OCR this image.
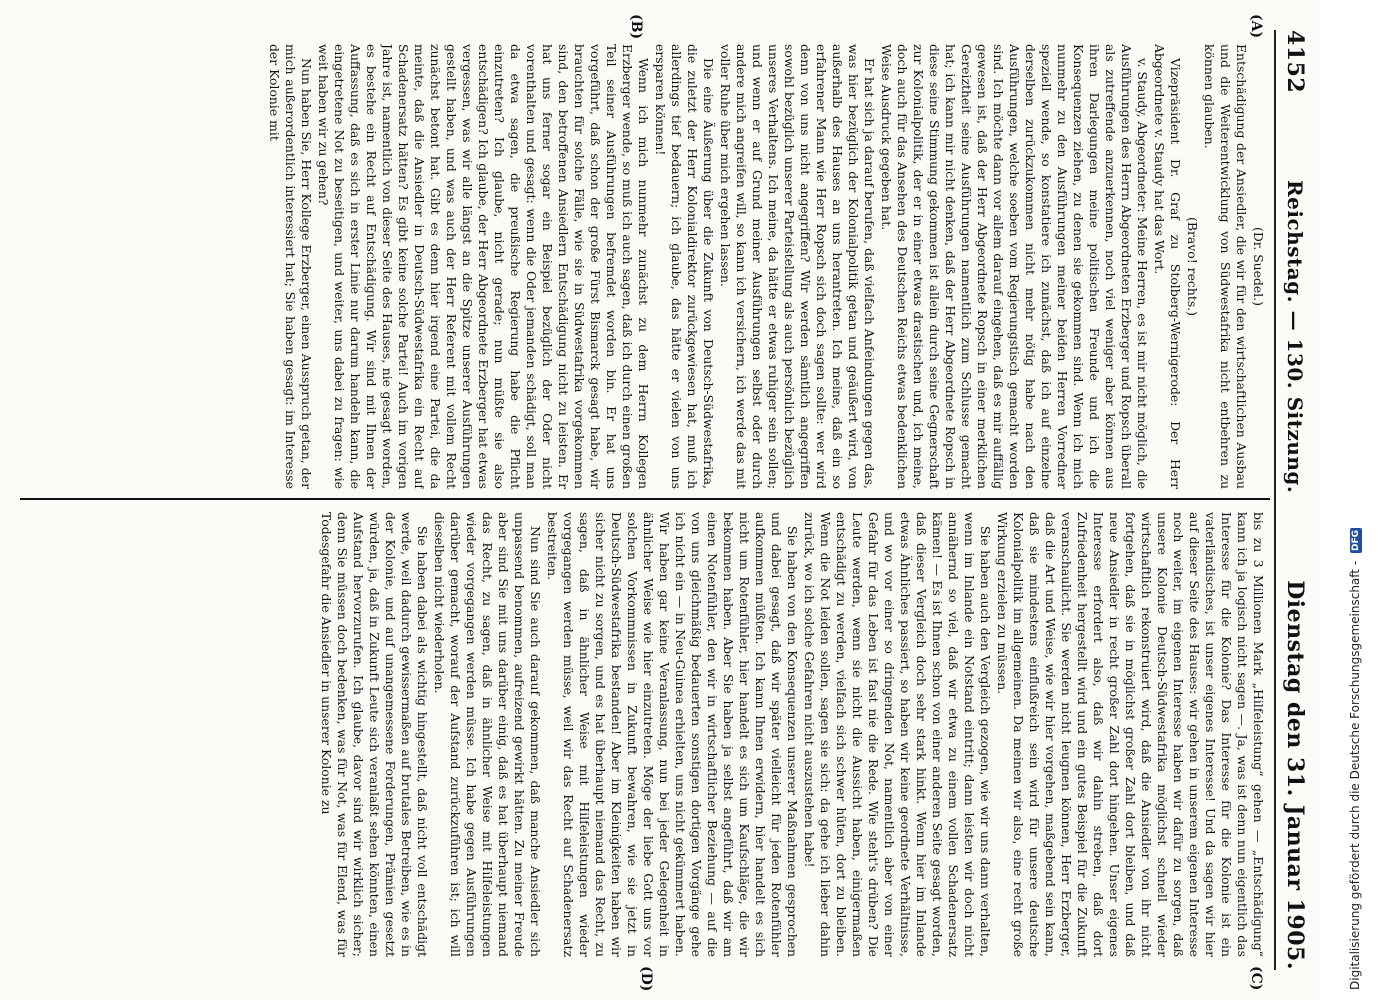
4152
Reichstag. — 130. Sitzung.
Dienstag den 31. Januar 1905.
(A)
(B)
(C)
(D)

(Dr. Suedel.)

Entschädigung der Ansiedler, die wir für den wirtschaftlichen Ausbau und die Weiterentwicklung von Südwestafrika nicht entbehren zu können glauben.

(Bravo! rechts.)

Vizepräsident Dr. Graf zu Stolberg-Wernigerode: Der Herr Abgeordnete v. Staudy hat das Wort.

v. Staudy, Abgeordneter: Meine Herren, es ist mir nicht möglich, die Ausführungen des Herrn Abgeordneten Erzberger und Ropsch überall als zutreffende anzuerkennen, noch viel weniger aber können aus ihren Darlegungen meine politischen Freunde und ich die Konsequenzen ziehen, zu denen sie gekommen sind. Wenn ich mich nunmehr zu den Ausführungen meiner beiden Herren Vorredner speziell wende, so konstatiere ich zunächst, daß ich auf einzelne derselben zurückzukommen nicht mehr nötig habe nach den Ausführungen, welche soeben vom Regierungstisch gemacht worden sind. Ich möchte dann vor allem darauf eingehen, daß es mir auffällig gewesen ist, daß der Herr Abgeordnete Ropsch in einer merklichen Gereiztheit seine Ausführungen namentlich zum Schlusse gemacht hat; ich kann mir nicht denken, daß der Herr Abgeordnete Ropsch in diese seine Stimmung gekommen ist allein durch seine Gegnerschaft zur Kolonialpolitik, der er in einer etwas drastischen und, ich meine, doch auch für das Ansehen des Deutschen Reichs etwas bedenklichen Weise Ausdruck gegeben hat.

Er hat sich ja darauf berufen, daß vielfach Anfeindungen gegen das, was hier bezüglich der Kolonialpolitik getan und geäußert wird, von außerhalb des Hauses an uns herantreten. Ich meine, daß ein so erfahrener Mann wie Herr Ropsch sich doch sagen sollte: wer wird denn von uns nicht angegriffen? Wir werden sämtlich angegriffen sowohl bezüglich unserer Parteistellung als auch persönlich bezüglich unseres Verhaltens. Ich meine, da hätte er etwas ruhiger sein sollen; und wenn er auf Grund meiner Ausführungen selbst oder durch andere mich angreifen will, so kann ich versichern, ich werde das mit voller Ruhe über mich ergehen lassen.

Die eine Äußerung über die Zukunft von Deutsch-Südwestafrika, die zuletzt der Herr Kolonialdirektor zurückgewiesen hat, muß ich allerdings tief bedauern; ich glaube, das hätte er vielen von uns ersparen können!

Wenn ich mich nunmehr zunächst zu dem Herrn Kollegen Erzberger wende, so muß ich auch sagen, daß ich durch einen großen Teil seiner Ausführungen befremdet worden bin. Er hat uns vorgeführt, daß schon der große Fürst Bismarck gesagt habe, wir brauchten für solche Fälle, wie sie in Südwestafrika vorgekommen sind, den betroffenen Ansiedlern Entschädigung nicht zu leisten. Er hat uns ferner sogar ein Beispiel bezüglich der Oder nicht vorenthalten und gesagt: wenn die Oder jemanden schädigt, soll man da etwa sagen, die preußische Regierung habe die Pflicht einzutreten? Ich glaube, nicht gerade; nun müßte sie also entschädigen? Ich glaube, der Herr Abgeordnete Erzberger hat etwas vergessen, was wir alle längst an die Spitze unserer Ausführungen gestellt haben, und was auch der Herr Referent mit vollem Recht zunächst betont hat. Gibt es denn hier irgend eine Partei, die da meinte, daß die Ansiedler in Deutsch-Südwestafrika ein Recht auf Schadenersatz hätten? Es gibt keine solche Partei! Auch im vorigen Jahre ist, namentlich von dieser Seite des Hauses, nie gesagt worden, es bestehe ein Recht auf Entschädigung. Wir sind mit Ihnen der Auffassung, daß es sich in erster Linie nur darum handeln kann, die eingetretene Not zu beseitigen, und weiter, uns dabei zu fragen: wie weit haben wir zu gehen?

Nun haben Sie, Herr Kollege Erzberger, einen Ausspruch getan, der mich außerordentlich interessiert hat; Sie haben gesagt: im Interesse der Kolonie mit

bis zu 3 Millionen Mark „Hilfeleistung“ gehen — „Entschädigung“ kann ich ja logisch nicht sagen —. Ja, was ist denn nun eigentlich das Interesse für die Kolonie? Das Interesse für die Kolonie ist ein vaterländisches, ist unser eigenes Interesse! Und da sagen wir hier auf dieser Seite des Hauses: wir gehen in unserem eigenen Interesse noch weiter, im eigenen Interesse haben wir dafür zu sorgen, daß unsere Kolonie Deutsch-Südwestafrika möglichst schnell wieder wirtschaftlich rekonstruiert wird, daß die Ansiedler von ihr nicht fortgehen, daß sie in möglichst großer Zahl dort bleiben, und daß neue Ansiedler in recht großer Zahl dort hingehen. Unser eigenes Interesse erfordert also, daß wir dahin streben, daß dort Zufriedenheit hergestellt wird und ein gutes Beispiel für die Zukunft veranschaulicht. Sie werden nicht leugnen können, Herr Erzberger, daß die Art und Weise, wie wir hier vorgehen, maßgebend sein kann, daß sie mindestens einflußreich sein wird für unsere deutsche Kolonialpolitik im allgemeinen. Da meinen wir also, eine recht große Wirkung erzielen zu müssen.

Sie haben auch den Vergleich gezogen, wie wir uns dann verhalten, wenn im Inlande ein Notstand eintritt; dann leisten wir doch nicht annähernd so viel, daß wir etwa zu einem vollen Schadenersatz kämen! — Es ist Ihnen schon von einer anderen Seite gesagt worden, daß dieser Vergleich doch sehr stark hinkt. Wenn hier im Inlande etwas Ähnliches passiert, so haben wir keine geordnete Verhältnisse, und wo vor einer so dringenden Not, namentlich aber von einer Gefahr für das Leben ist fast nie die Rede. Wie steht's drüben? Die Leute werden, wenn sie nicht die Aussicht haben, einigermaßen entschädigt zu werden, vielfach sich schwer hüten, dort zu bleiben. Wenn die Not leiden sollen, sagen sie sich: da gehe ich lieber dahin zurück, wo ich solche Gefahren nicht auszustehen habe!

Sie haben von den Konsequenzen unserer Maßnahmen gesprochen und dabei gesagt, daß wir später vielleicht für jeden Rotenfühler aufkommen müßten. Ich kann Ihnen erwidern, hier handelt es sich nicht um Rotenfühler, hier handelt es sich um Kaufschläge, die wir bekommen haben. Aber Sie haben ja selbst angeführt, daß wir am einen Notenfühler, den wir in wirtschaftlicher Beziehung — auf die von uns gleichmäßig bedauerten sonstigen dortigen Vorgänge gehe ich nicht ein — in Neu-Guinea erhielten, uns nicht gekümmert haben. Wir haben gar keine Veranlassung, nun bei jeder Gelegenheit in ähnlicher Weise wie hier einzutreten. Möge der liebe Gott uns vor solchen Vorkommnissen in Zukunft bewahren, wie sie jetzt in Deutsch-Südwestafrika bestanden! Aber im Kleinigkeiten haben wir sicher nicht zu sorgen, und es hat überhaupt niemand das Recht, zu sagen, daß in ähnlicher Weise mit Hilfeleistungen wieder vorgegangen werden müsse, weil wir das Recht auf Schadenersatz bestreiten.

Nun sind Sie auch darauf gekommen, daß manche Ansiedler sich unpassend benommen, aufreizend gewirkt hätten. Zu meiner Freude aber sind Sie mit uns darüber einig, daß es hat überhaupt niemand das Recht, zu sagen, daß in ähnlicher Weise mit Hilfeleistungen wieder vorgegangen werden müsse. Ich habe gegen Ausführungen darüber gemacht, worauf der Aufstand zurückzuführen ist; ich will dieselben nicht wiederholen.

Sie haben dabei als wichtig hingestellt, daß nicht voll entschädigt werde, weil dadurch gewissermaßen auf brutales Betreiben, wie es in der Kolonie, und auf unangemessene Forderungen, Prämien gesetzt würden, ja, daß in Zukunft Leute sich veranlaßt sehen könnten, einen Aufstand hervorzurufen. Ich glaube, davor sind wir wirklich sicher; denn Sie müssen doch bedenken, was für Not, was für Elend, was für Todesgefahr die Ansiedler in unserer Kolonie zu	Digitalisierung gefördert durch die Deutsche Forschungsgemeinschaft - DFG
